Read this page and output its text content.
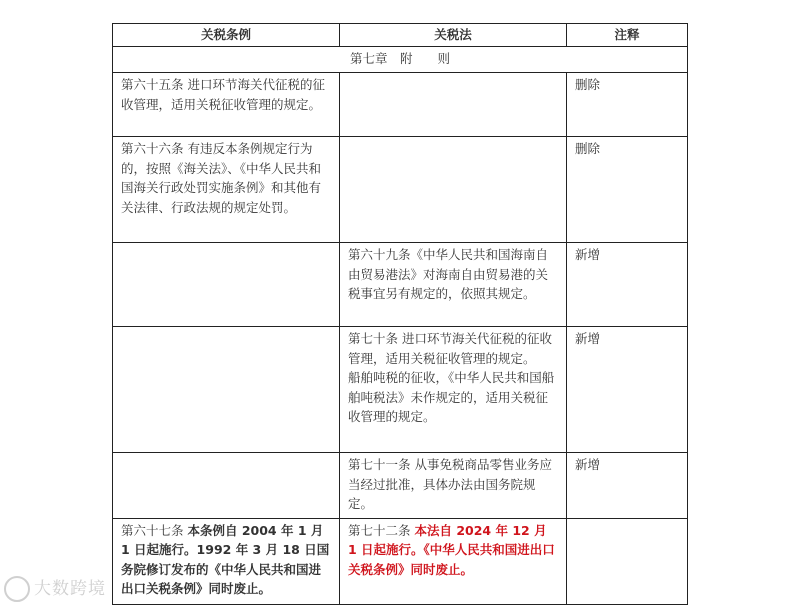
关税条例	关税法	注释
第七章　附　　则		
第六十五条 进口环节海关代征税的征收管理，适用关税征收管理的规定。		删除
第六十六条 有违反本条例规定行为的，按照《海关法》、《中华人民共和国海关行政处罚实施条例》和其他有关法律、行政法规的规定处罚。		删除
	第六十九条《中华人民共和国海南自由贸易港法》对海南自由贸易港的关税事宜另有规定的，依照其规定。	新增

	第七十条 进口环节海关代征税的征收管理，适用关税征收管理的规定。
船舶吨税的征收，《中华人民共和国船舶吨税法》未作规定的，适用关税征收管理的规定。	新增
	第七十一条 从事免税商品零售业务应当经过批准，具体办法由国务院规定。	新增
第六十七条 本条例自 2004 年 1 月 1 日起施行。1992 年 3 月 18 日国务院修订发布的《中华人民共和国进出口关税条例》同时废止。	第七十二条 本法自 2024 年 12 月 1 日起施行。《中华人民共和国进出口关税条例》同时废止。	
大数跨境
